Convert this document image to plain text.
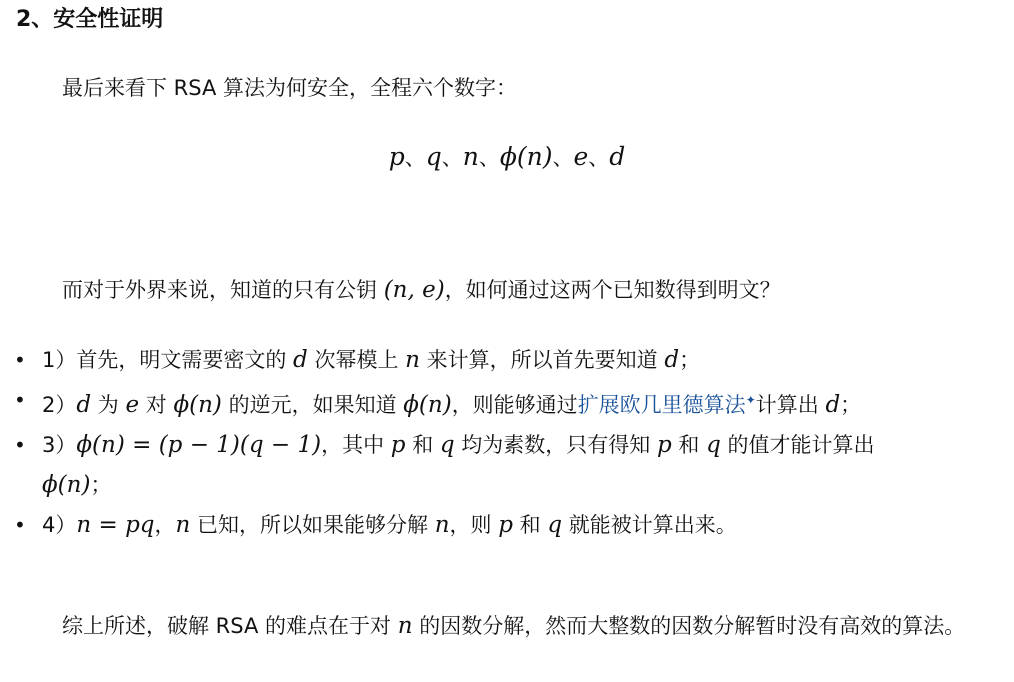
2、安全性证明
最后来看下 RSA 算法为何安全，全程六个数字：
p、q、n、ϕ(n)、e、d
而对于外界来说，知道的只有公钥 (n, e)，如何通过这两个已知数得到明文？
• 1）首先，明文需要密文的 d 次幂模上 n 来计算，所以首先要知道 d；
• 2）d 为 e 对 ϕ(n) 的逆元，如果知道 ϕ(n)，则能够通过扩展欧几里德算法✦计算出 d；
• 3）ϕ(n) = (p − 1)(q − 1)，其中 p 和 q 均为素数，只有得知 p 和 q 的值才能计算出
ϕ(n)；
• 4）n = pq，n 已知，所以如果能够分解 n，则 p 和 q 就能被计算出来。
综上所述，破解 RSA 的难点在于对 n 的因数分解，然而大整数的因数分解暂时没有高效的算法。
